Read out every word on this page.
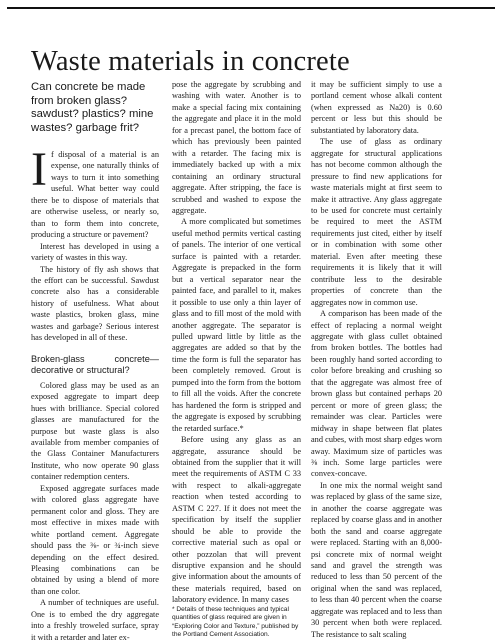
Waste materials in concrete
Can concrete be made from broken glass? sawdust? plastics? mine wastes? garbage frit?

If disposal of a material is an expense, one naturally thinks of ways to turn it into something useful. What better way could there be to dispose of materials that are otherwise useless, or nearly so, than to form them into concrete, producing a structure or pavement?

Interest has developed in using a variety of wastes in this way.

The history of fly ash shows that the effort can be successful. Sawdust concrete also has a considerable history of usefulness. What about waste plastics, broken glass, mine wastes and garbage? Serious interest has developed in all of these.

Broken-glass concrete—decorative or structural?

Colored glass may be used as an exposed aggregate to impart deep hues with brilliance. Special colored glasses are manufactured for the purpose but waste glass is also available from member companies of the Glass Container Manufacturers Institute, who now operate 90 glass container redemption centers.

Exposed aggregate surfaces made with colored glass aggregate have permanent color and gloss. They are most effective in mixes made with white portland cement. Aggregate should pass the ⅜- or ¾-inch sieve depending on the effect desired. Pleasing combinations can be obtained by using a blend of more than one color.

A number of techniques are useful. One is to embed the dry aggregate into a freshly troweled surface, spray it with a retarder and later ex-

pose the aggregate by scrubbing and washing with water. Another is to make a special facing mix containing the aggregate and place it in the mold for a precast panel, the bottom face of which has previously been painted with a retarder. The facing mix is immediately backed up with a mix containing an ordinary structural aggregate. After stripping, the face is scrubbed and washed to expose the aggregate.

A more complicated but sometimes useful method permits vertical casting of panels. The interior of one vertical surface is painted with a retarder. Aggregate is prepacked in the form but a vertical separator near the painted face, and parallel to it, makes it possible to use only a thin layer of glass and to fill most of the mold with another aggregate. The separator is pulled upward little by little as the aggregates are added so that by the time the form is full the separator has been completely removed. Grout is pumped into the form from the bottom to fill all the voids. After the concrete has hardened the form is stripped and the aggregate is exposed by scrubbing the retarded surface.*

Before using any glass as an aggregate, assurance should be obtained from the supplier that it will meet the requirements of ASTM C 33 with respect to alkali-aggregate reaction when tested according to ASTM C 227. If it does not meet the specification by itself the supplier should be able to provide the corrective material such as opal or other pozzolan that will prevent disruptive expansion and he should give information about the amounts of these materials required, based on laboratory evidence. In many cases

* Details of these techniques and typical quantities of glass required are given in “Exploring Color and Texture,” published by the Portland Cement Association.

it may be sufficient simply to use a portland cement whose alkali content (when expressed as Na20) is 0.60 percent or less but this should be substantiated by laboratory data.

The use of glass as ordinary aggregate for structural applications has not become common although the pressure to find new applications for waste materials might at first seem to make it attractive. Any glass aggregate to be used for concrete must certainly be required to meet the ASTM requirements just cited, either by itself or in combination with some other material. Even after meeting these requirements it is likely that it will contribute less to the desirable properties of concrete than the aggregates now in common use.

A comparison has been made of the effect of replacing a normal weight aggregate with glass cullet obtained from broken bottles. The bottles had been roughly hand sorted according to color before breaking and crushing so that the aggregate was almost free of brown glass but contained perhaps 20 percent or more of green glass; the remainder was clear. Particles were midway in shape between flat plates and cubes, with most sharp edges worn away. Maximum size of particles was ⅜ inch. Some large particles were convex-concave.

In one mix the normal weight sand was replaced by glass of the same size, in another the coarse aggregate was replaced by coarse glass and in another both the sand and coarse aggregate were replaced. Starting with an 8,000-psi concrete mix of normal weight sand and gravel the strength was reduced to less than 50 percent of the original when the sand was replaced, to less than 40 percent when the coarse aggregate was replaced and to less than 30 percent when both were replaced. The resistance to salt scaling
